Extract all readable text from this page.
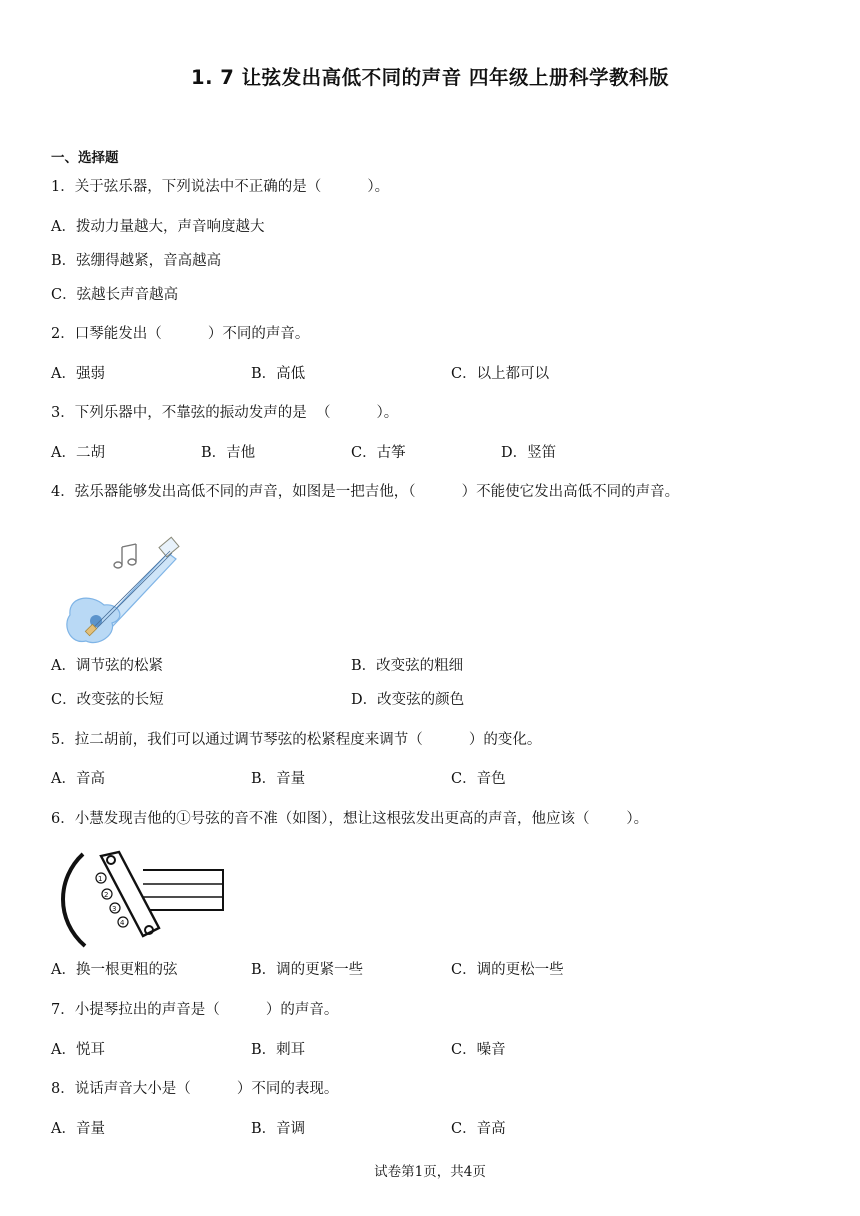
1. 7 让弦发出高低不同的声音 四年级上册科学教科版
一、选择题
1．关于弦乐器，下列说法中不正确的是（          ）。
A．拨动力量越大，声音响度越大
B．弦绷得越紧，音高越高
C．弦越长声音越高
2．口琴能发出（          ）不同的声音。
A．强弱	B．高低	C．以上都可以
3．下列乐器中，不靠弦的振动发声的是  （          ）。
A．二胡	B．吉他	C．古筝	D．竖笛
4．弦乐器能够发出高低不同的声音，如图是一把吉他，（          ）不能使它发出高低不同的声音。
A．调节弦的松紧	B．改变弦的粗细
C．改变弦的长短	D．改变弦的颜色
5．拉二胡前，我们可以通过调节琴弦的松紧程度来调节（          ）的变化。
A．音高	B．音量	C．音色
6．小慧发现吉他的①号弦的音不准（如图），想让这根弦发出更高的声音，他应该（        ）。
1
2
3
4
A．换一根更粗的弦	B．调的更紧一些	C．调的更松一些
7．小提琴拉出的声音是（          ）的声音。
A．悦耳	B．刺耳	C．噪音
8．说话声音大小是（          ）不同的表现。
A．音量	B．音调	C．音高
试卷第1页，共4页
